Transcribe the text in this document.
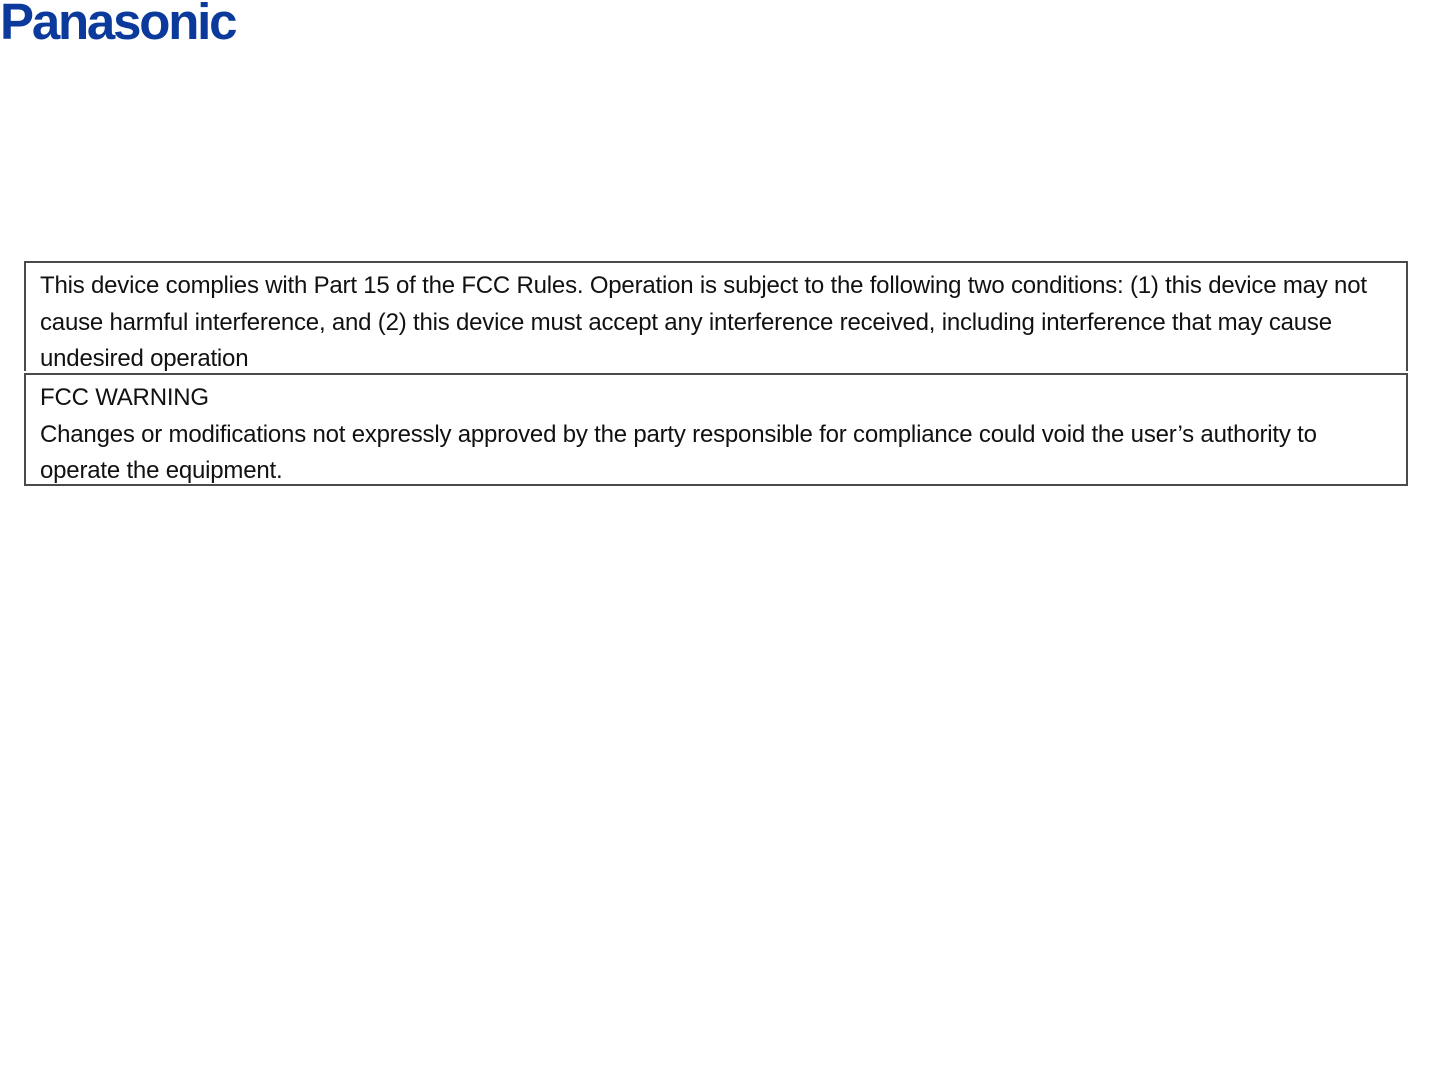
Panasonic

This device complies with Part 15 of the FCC Rules. Operation is subject to the following two conditions: (1) this device may not cause harmful interference, and (2) this device must accept any interference received, including interference that may cause undesired operation

FCC WARNING

Changes or modifications not expressly approved by the party responsible for compliance could void the user’s authority to operate the equipment.
